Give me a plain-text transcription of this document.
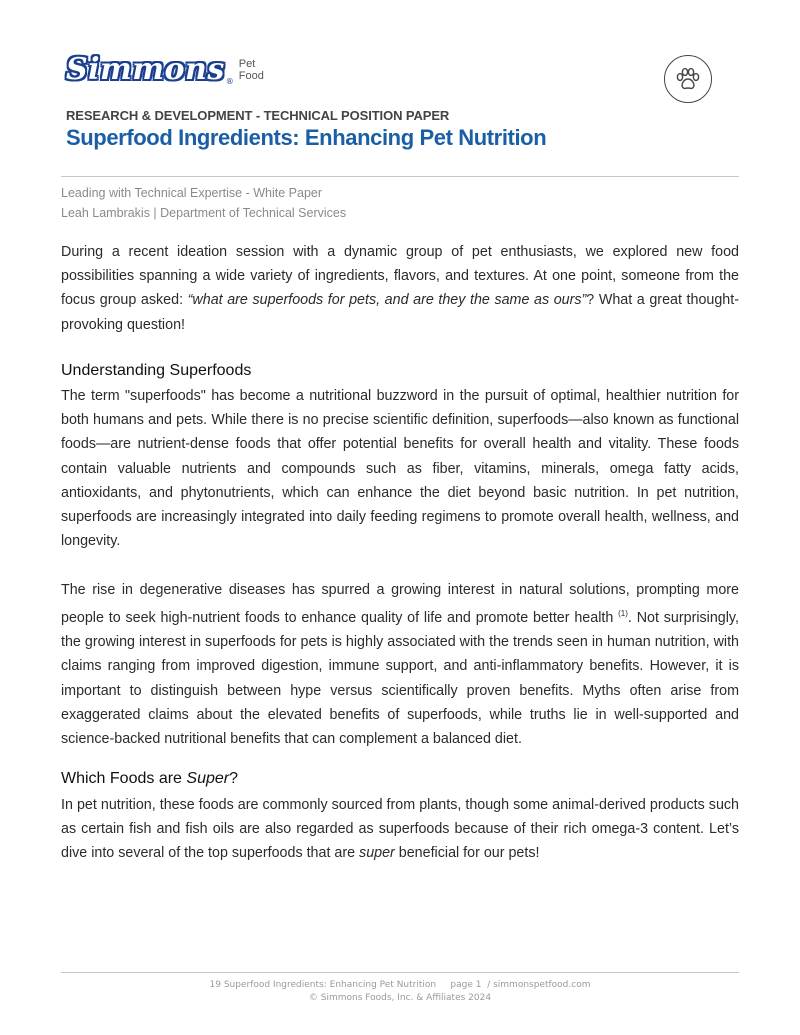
Simmons ®
Pet
Food
RESEARCH & DEVELOPMENT - TECHNICAL POSITION PAPER
Superfood Ingredients: Enhancing Pet Nutrition
Leading with Technical Expertise - White Paper
Leah Lambrakis | Department of Technical Services
During a recent ideation session with a dynamic group of pet enthusiasts, we explored new food possibilities spanning a wide variety of ingredients, flavors, and textures. At one point, someone from the focus group asked: “what are superfoods for pets, and are they the same as ours”? What a great thought-provoking question!
Understanding Superfoods
The term "superfoods" has become a nutritional buzzword in the pursuit of optimal, healthier nutrition for both humans and pets. While there is no precise scientific definition, superfoods—also known as functional foods—are nutrient-dense foods that offer potential benefits for overall health and vitality. These foods contain valuable nutrients and compounds such as fiber, vitamins, minerals, omega fatty acids, antioxidants, and phytonutrients, which can enhance the diet beyond basic nutrition. In pet nutrition, superfoods are increasingly integrated into daily feeding regimens to promote overall health, wellness, and longevity.
The rise in degenerative diseases has spurred a growing interest in natural solutions, prompting more people to seek high-nutrient foods to enhance quality of life and promote better health $^{(1)}$. Not surprisingly, the growing interest in superfoods for pets is highly associated with the trends seen in human nutrition, with claims ranging from improved digestion, immune support, and anti-inflammatory benefits. However, it is important to distinguish between hype versus scientifically proven benefits. Myths often arise from exaggerated claims about the elevated benefits of superfoods, while truths lie in well-supported and science-backed nutritional benefits that can complement a balanced diet.
Which Foods are Super?
In pet nutrition, these foods are commonly sourced from plants, though some animal-derived products such as certain fish and fish oils are also regarded as superfoods because of their rich omega-3 content. Let’s dive into several of the top superfoods that are super beneficial for our pets!
19 Superfood Ingredients: Enhancing Pet Nutrition     page 1  / simmonspetfood.com
© Simmons Foods, Inc. & Affiliates 2024
